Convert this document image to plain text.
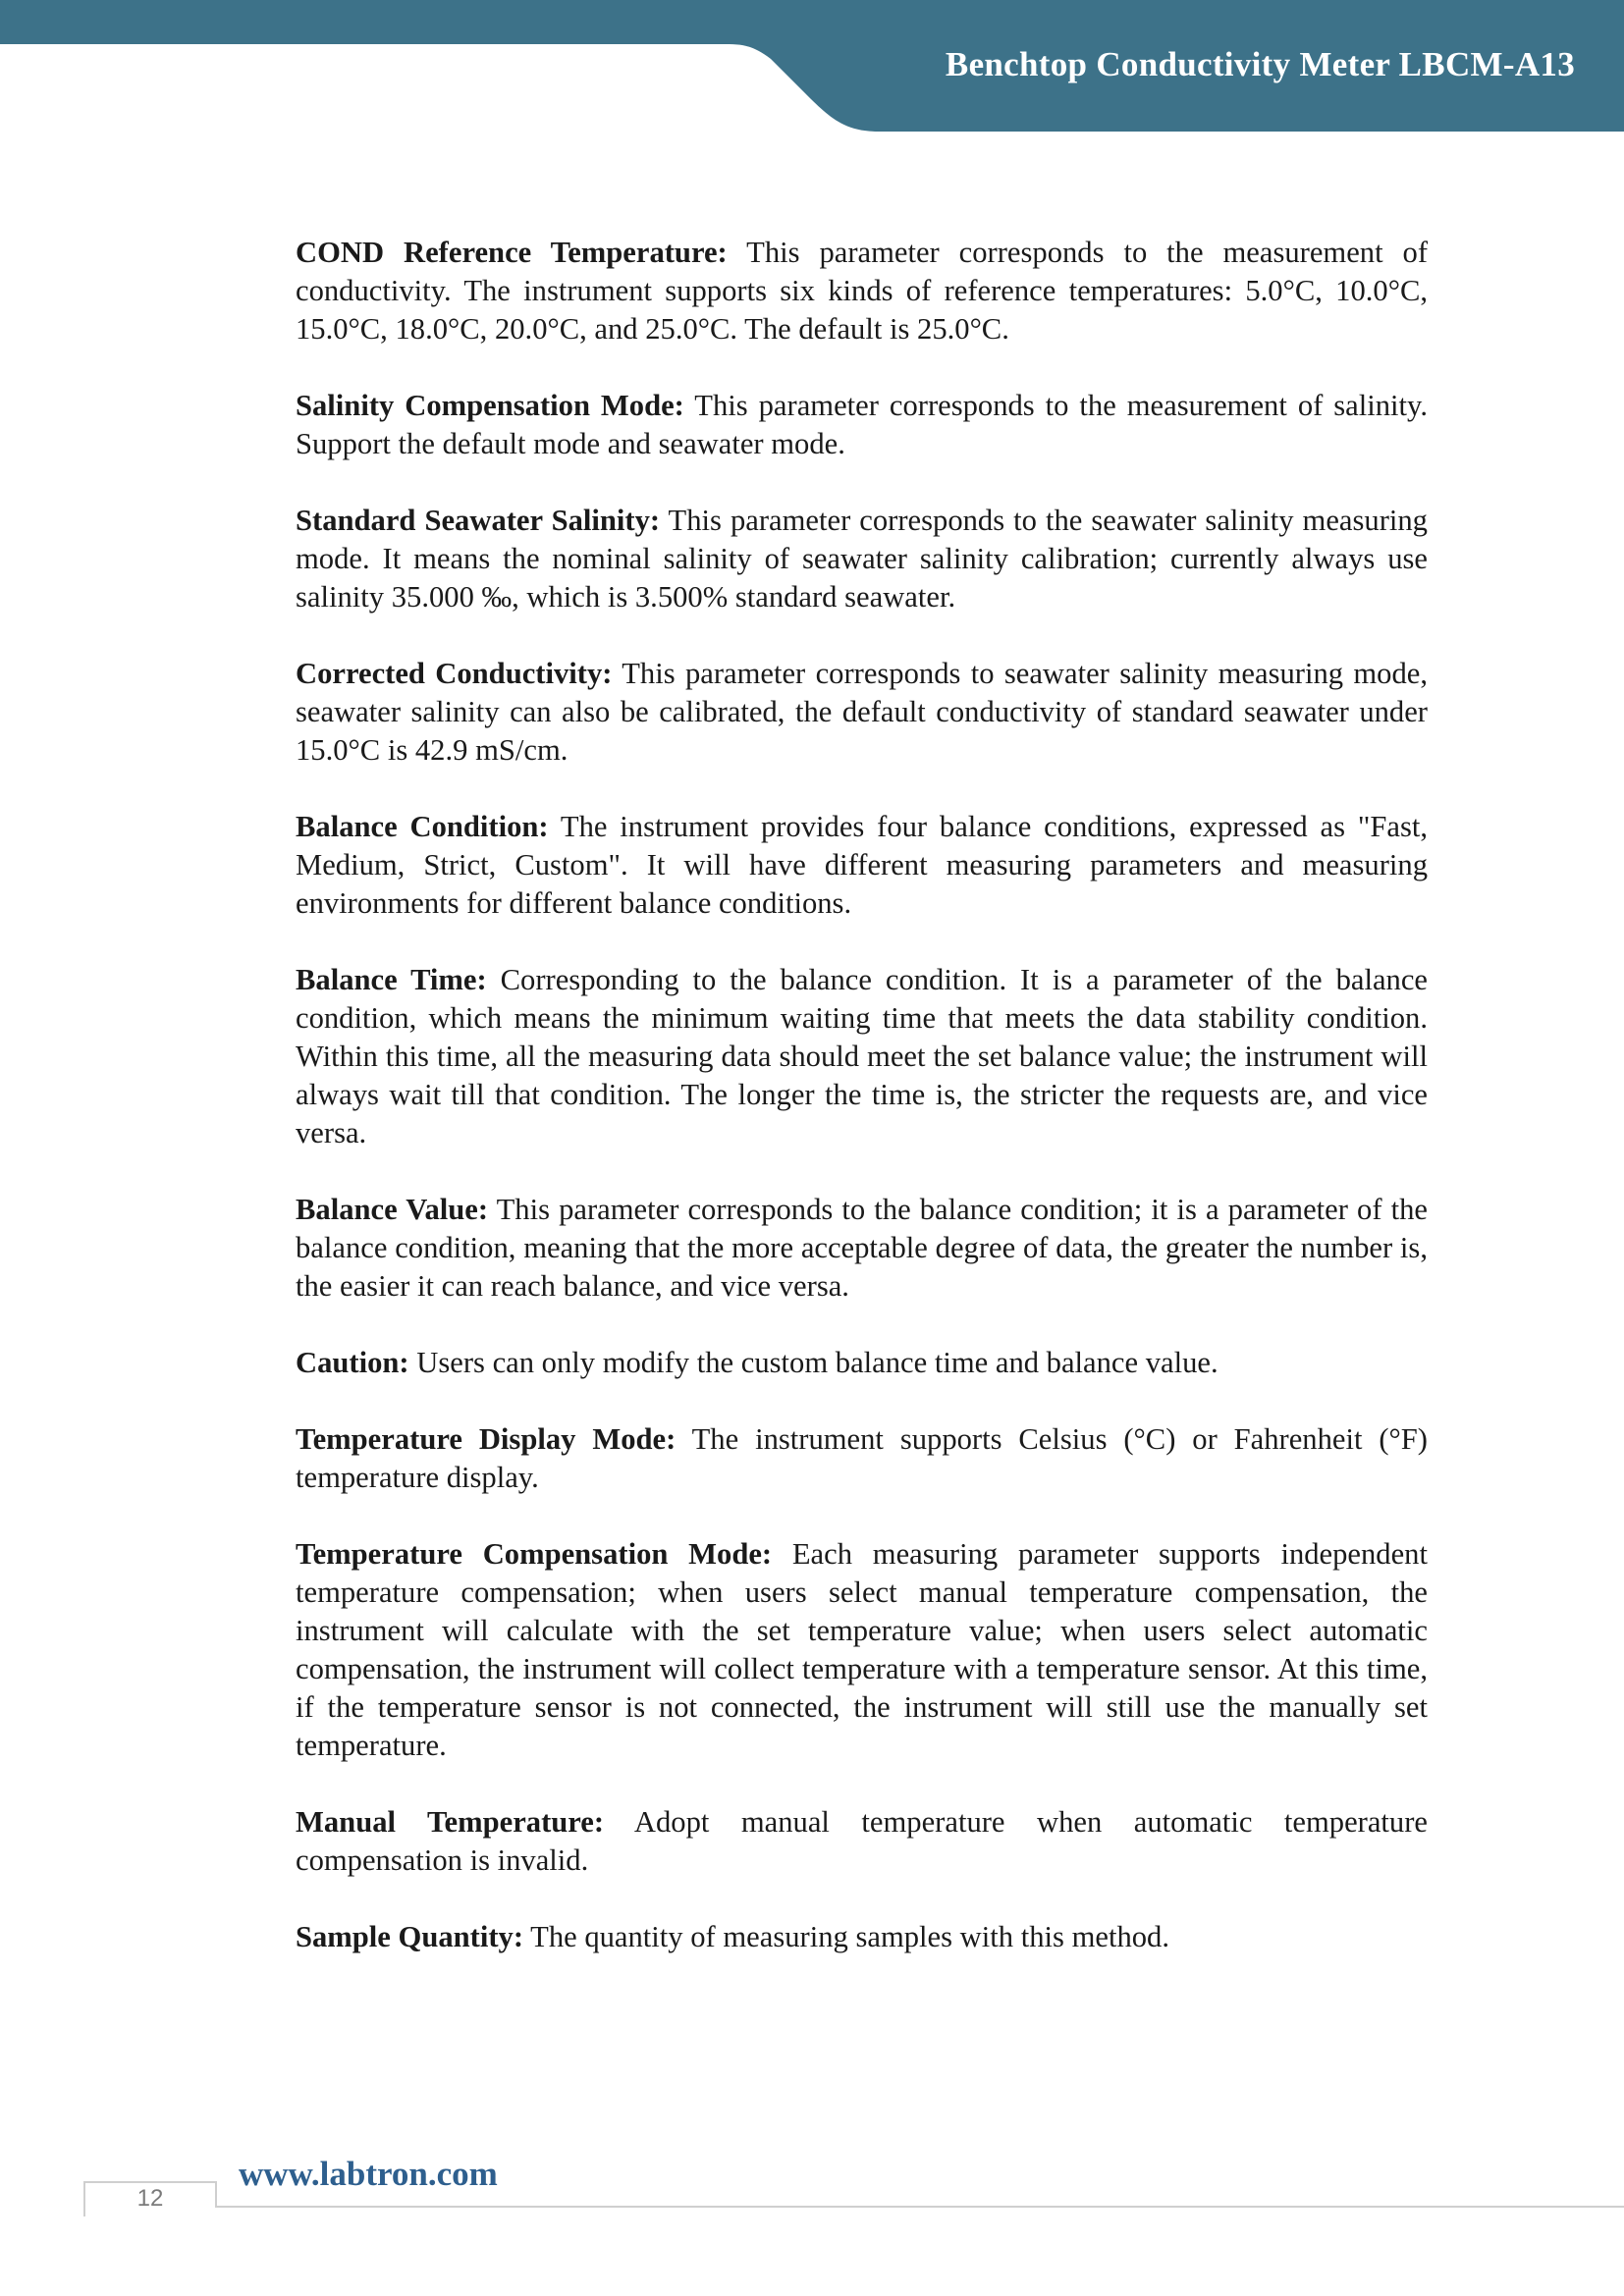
Benchtop Conductivity Meter LBCM-A13

COND Reference Temperature: This parameter corresponds to the measurement of conductivity. The instrument supports six kinds of reference temperatures: 5.0°C, 10.0°C, 15.0°C, 18.0°C, 20.0°C, and 25.0°C. The default is 25.0°C.

Salinity Compensation Mode: This parameter corresponds to the measurement of salinity. Support the default mode and seawater mode.

Standard Seawater Salinity: This parameter corresponds to the seawater salinity measuring mode. It means the nominal salinity of seawater salinity calibration; currently always use salinity 35.000 ‰, which is 3.500% standard seawater.

Corrected Conductivity: This parameter corresponds to seawater salinity measuring mode, seawater salinity can also be calibrated, the default conductivity of standard seawater under 15.0°C is 42.9 mS/cm.

Balance Condition: The instrument provides four balance conditions, expressed as "Fast, Medium, Strict, Custom". It will have different measuring parameters and measuring environments for different balance conditions.

Balance Time: Corresponding to the balance condition. It is a parameter of the balance condition, which means the minimum waiting time that meets the data stability condition. Within this time, all the measuring data should meet the set balance value; the instrument will always wait till that condition. The longer the time is, the stricter the requests are, and vice versa.

Balance Value: This parameter corresponds to the balance condition; it is a parameter of the balance condition, meaning that the more acceptable degree of data, the greater the number is, the easier it can reach balance, and vice versa.

Caution: Users can only modify the custom balance time and balance value.

Temperature Display Mode: The instrument supports Celsius (°C) or Fahrenheit (°F) temperature display.

Temperature Compensation Mode: Each measuring parameter supports independent temperature compensation; when users select manual temperature compensation, the instrument will calculate with the set temperature value; when users select automatic compensation, the instrument will collect temperature with a temperature sensor. At this time, if the temperature sensor is not connected, the instrument will still use the manually set temperature.

Manual Temperature: Adopt manual temperature when automatic temperature compensation is invalid.

Sample Quantity: The quantity of measuring samples with this method.

12
www.labtron.com
